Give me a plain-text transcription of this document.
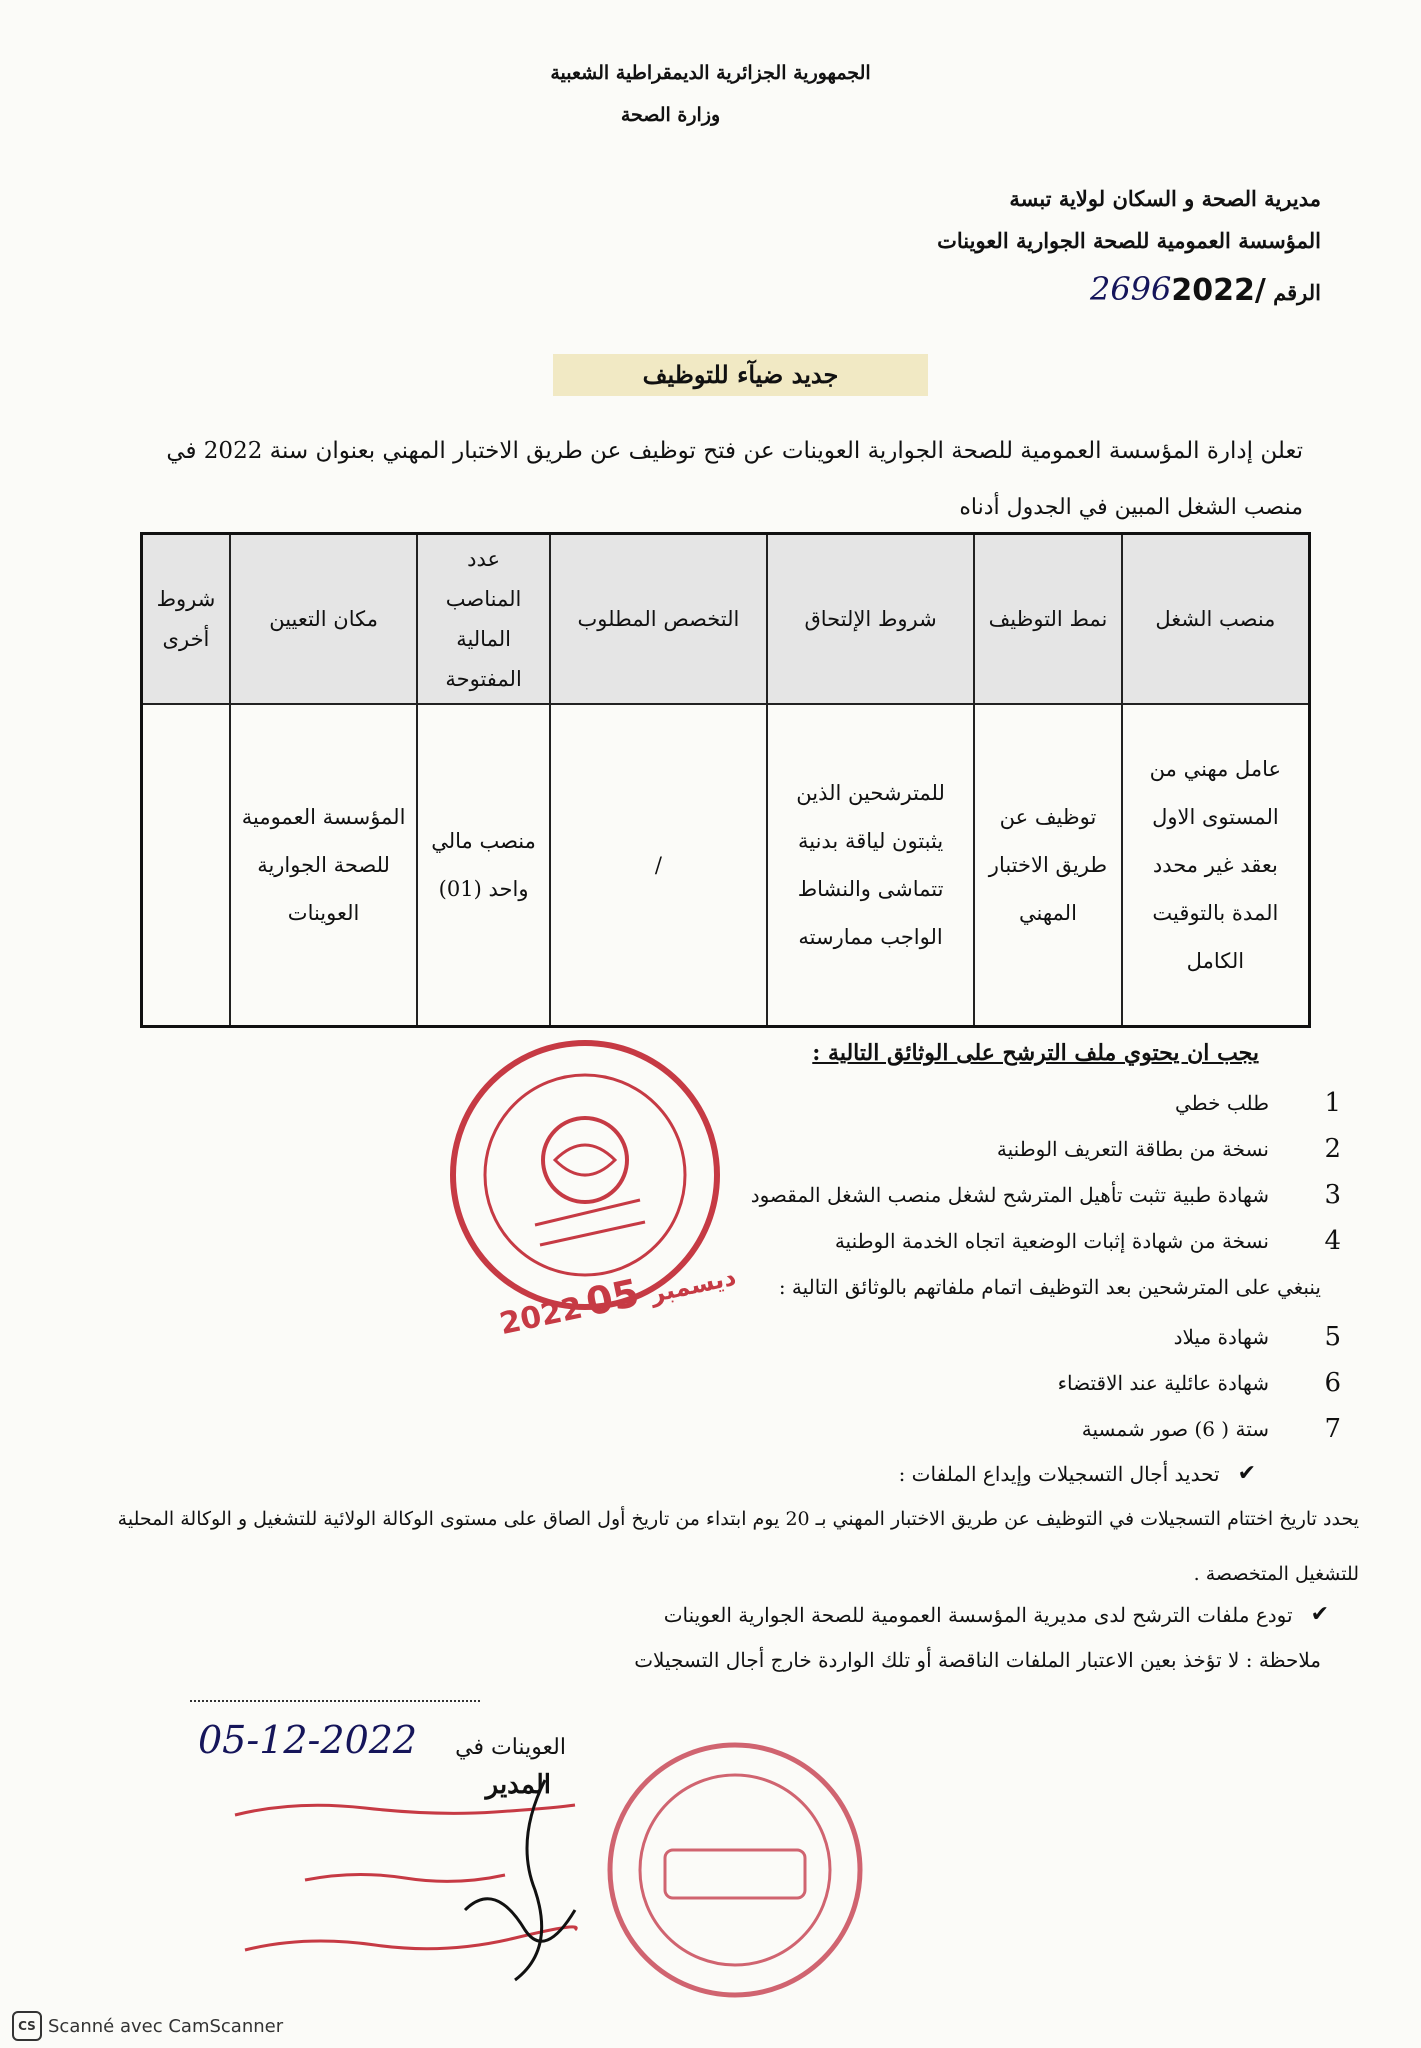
الجمهورية الجزائرية الديمقراطية الشعبية
وزارة الصحة
مديرية الصحة و السكان لولاية تبسة
المؤسسة العمومية للصحة الجوارية العوينات
الرقم 26962022/
جديد ضيآء للتوظيف
تعلن إدارة المؤسسة العمومية للصحة الجوارية العوينات عن فتح توظيف عن طريق الاختبار المهني بعنوان سنة 2022 في
منصب الشغل المبين في الجدول أدناه
منصب الشغل	نمط التوظيف	شروط الإلتحاق	التخصص المطلوب	عدد المناصب المالية المفتوحة	مكان التعيين	شروط أخرى
عامل مهني من المستوى الاول بعقد غير محدد المدة بالتوقيت الكامل	توظيف عن طريق الاختبار المهني	للمترشحين الذين يثبتون لياقة بدنية تتماشى والنشاط الواجب ممارسته	/	منصب مالي واحد (01)	المؤسسة العمومية للصحة الجوارية العوينات	
يجب ان يحتوي ملف الترشح على الوثائق التالية :
1
طلب خطي
2
نسخة من بطاقة التعريف الوطنية
3
شهادة طبية تثبت تأهيل المترشح لشغل منصب الشغل المقصود
4
نسخة من شهادة إثبات الوضعية اتجاه الخدمة الوطنية
ينبغي على المترشحين بعد التوظيف اتمام ملفاتهم بالوثائق التالية :
5
شهادة ميلاد
6
شهادة عائلية عند الاقتضاء
7
ستة ( 6) صور شمسية
✔
تحديد أجال التسجيلات وإيداع الملفات :
يحدد تاريخ اختتام التسجيلات في التوظيف عن طريق الاختبار المهني بـ 20 يوم ابتداء من تاريخ أول الصاق على مستوى الوكالة الولائية للتشغيل و الوكالة المحلية
للتشغيل المتخصصة .
✔
تودع ملفات الترشح لدى مديرية المؤسسة العمومية للصحة الجوارية العوينات
ملاحظة : لا تؤخذ بعين الاعتبار الملفات الناقصة أو تلك الواردة خارج أجال التسجيلات
العوينات في
05-12-2022
المدير
2022 ديسمبر 05
CS Scanné avec CamScanner
